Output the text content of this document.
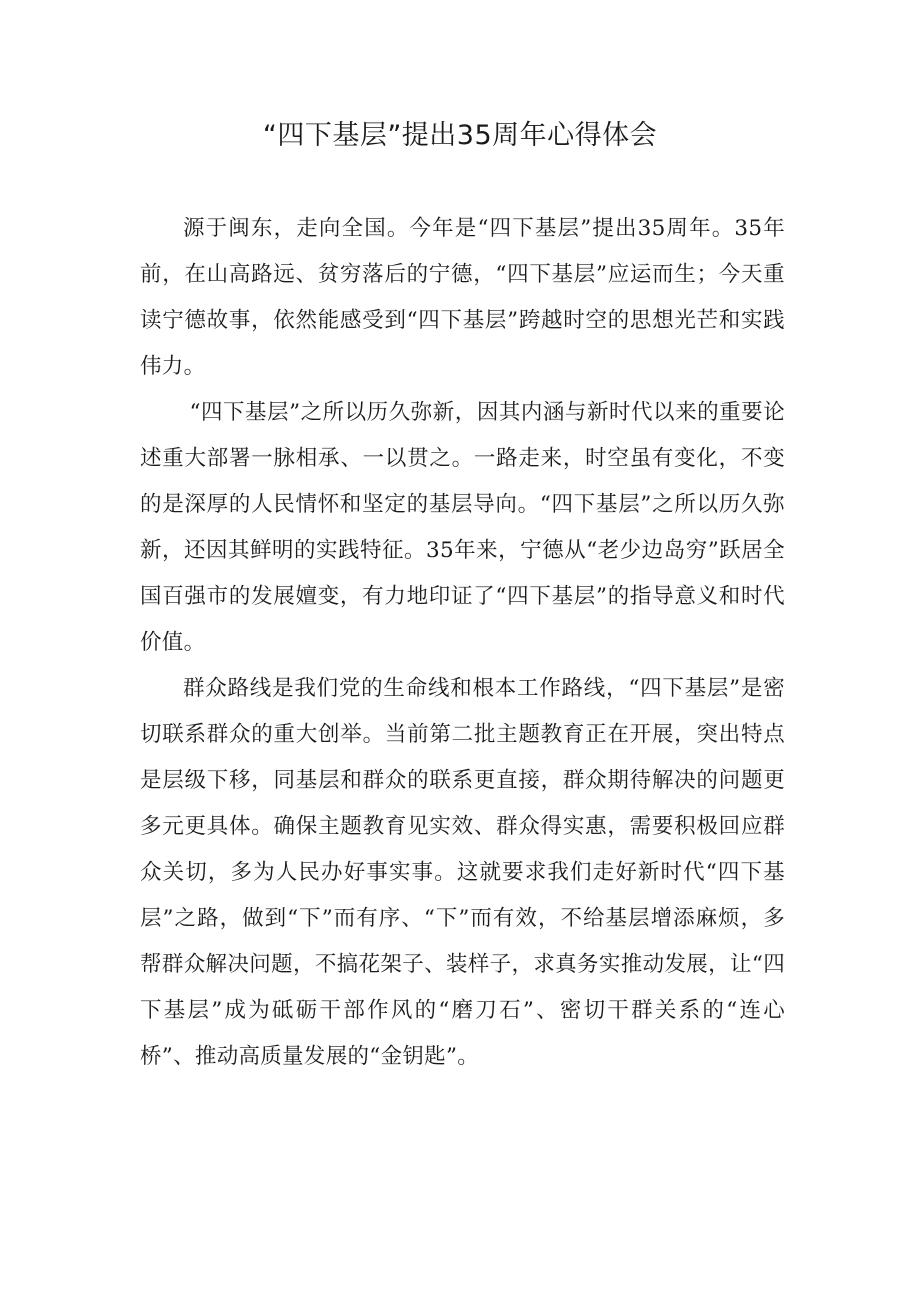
“四下基层”提出35周年心得体会

源于闽东，走向全国。今年是“四下基层”提出35周年。35年前，在山高路远、贫穷落后的宁德，“四下基层”应运而生；今天重读宁德故事，依然能感受到“四下基层”跨越时空的思想光芒和实践伟力。

“四下基层”之所以历久弥新，因其内涵与新时代以来的重要论述重大部署一脉相承、一以贯之。一路走来，时空虽有变化，不变的是深厚的人民情怀和坚定的基层导向。“四下基层”之所以历久弥新，还因其鲜明的实践特征。35年来，宁德从“老少边岛穷”跃居全国百强市的发展嬗变，有力地印证了“四下基层”的指导意义和时代价值。

群众路线是我们党的生命线和根本工作路线，“四下基层”是密切联系群众的重大创举。当前第二批主题教育正在开展，突出特点是层级下移，同基层和群众的联系更直接，群众期待解决的问题更多元更具体。确保主题教育见实效、群众得实惠，需要积极回应群众关切，多为人民办好事实事。这就要求我们走好新时代“四下基层”之路，做到“下”而有序、“下”而有效，不给基层增添麻烦，多帮群众解决问题，不搞花架子、装样子，求真务实推动发展，让“四下基层”成为砥砺干部作风的“磨刀石”、密切干群关系的“连心桥”、推动高质量发展的“金钥匙”。
